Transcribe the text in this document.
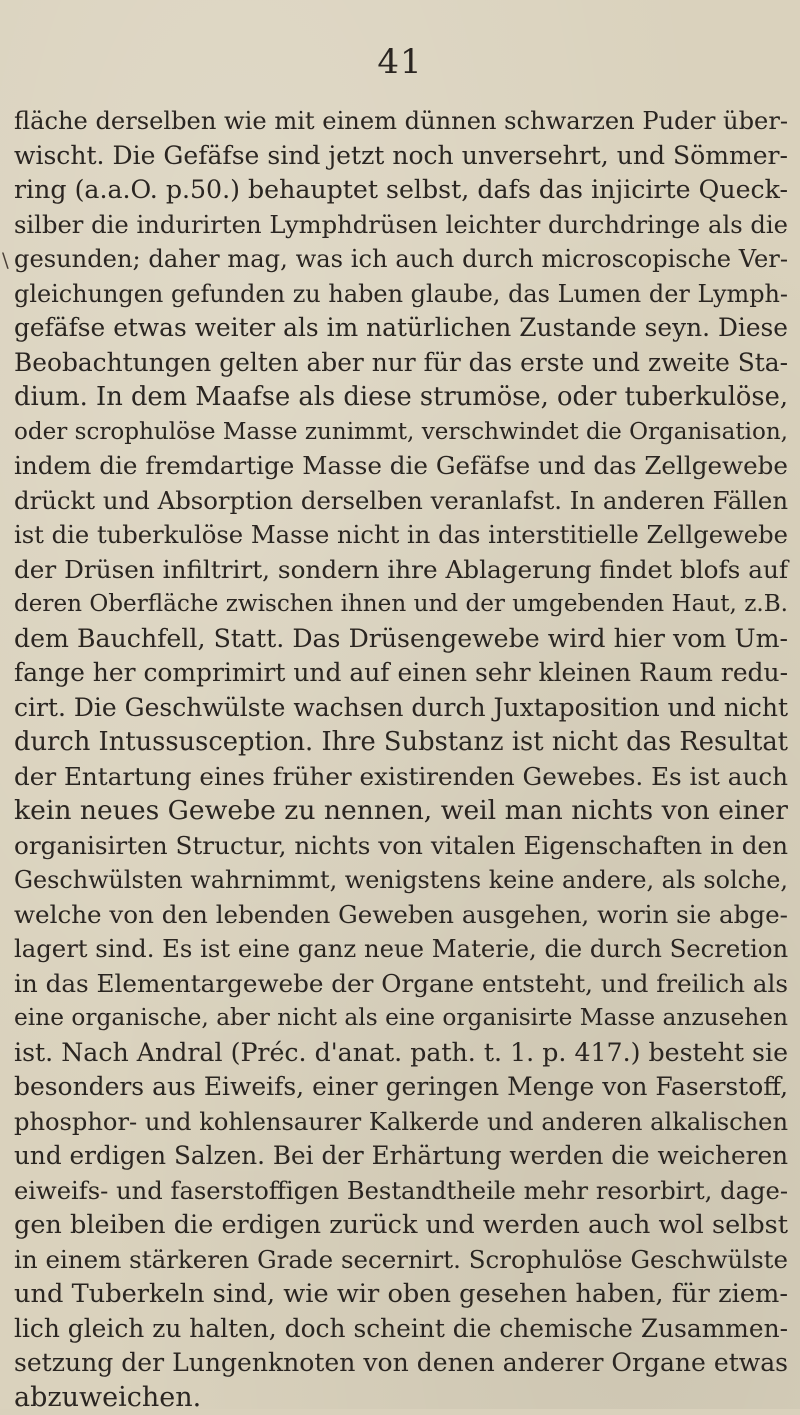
41
\
fläche derselben wie mit einem dünnen schwarzen Puder über-
wischt. Die Gefäfse sind jetzt noch unversehrt, und Sömmer-
ring (a.a.O. p.50.) behauptet selbst, dafs das injicirte Queck-
silber die indurirten Lymphdrüsen leichter durchdringe als die
gesunden; daher mag, was ich auch durch microscopische Ver-
gleichungen gefunden zu haben glaube, das Lumen der Lymph-
gefäfse etwas weiter als im natürlichen Zustande seyn. Diese
Beobachtungen gelten aber nur für das erste und zweite Sta-
dium. In dem Maafse als diese strumöse, oder tuberkulöse,
oder scrophulöse Masse zunimmt, verschwindet die Organisation,
indem die fremdartige Masse die Gefäfse und das Zellgewebe
drückt und Absorption derselben veranlafst. In anderen Fällen
ist die tuberkulöse Masse nicht in das interstitielle Zellgewebe
der Drüsen infiltrirt, sondern ihre Ablagerung findet blofs auf
deren Oberfläche zwischen ihnen und der umgebenden Haut, z.B.
dem Bauchfell, Statt. Das Drüsengewebe wird hier vom Um-
fange her comprimirt und auf einen sehr kleinen Raum redu-
cirt. Die Geschwülste wachsen durch Juxtaposition und nicht
durch Intussusception. Ihre Substanz ist nicht das Resultat
der Entartung eines früher existirenden Gewebes. Es ist auch
kein neues Gewebe zu nennen, weil man nichts von einer
organisirten Structur, nichts von vitalen Eigenschaften in den
Geschwülsten wahrnimmt, wenigstens keine andere, als solche,
welche von den lebenden Geweben ausgehen, worin sie abge-
lagert sind. Es ist eine ganz neue Materie, die durch Secretion
in das Elementargewebe der Organe entsteht, und freilich als
eine organische, aber nicht als eine organisirte Masse anzusehen
ist. Nach Andral (Préc. d'anat. path. t. 1. p. 417.) besteht sie
besonders aus Eiweifs, einer geringen Menge von Faserstoff,
phosphor- und kohlensaurer Kalkerde und anderen alkalischen
und erdigen Salzen. Bei der Erhärtung werden die weicheren
eiweifs- und faserstoffigen Bestandtheile mehr resorbirt, dage-
gen bleiben die erdigen zurück und werden auch wol selbst
in einem stärkeren Grade secernirt. Scrophulöse Geschwülste
und Tuberkeln sind, wie wir oben gesehen haben, für ziem-
lich gleich zu halten, doch scheint die chemische Zusammen-
setzung der Lungenknoten von denen anderer Organe etwas
abzuweichen.
